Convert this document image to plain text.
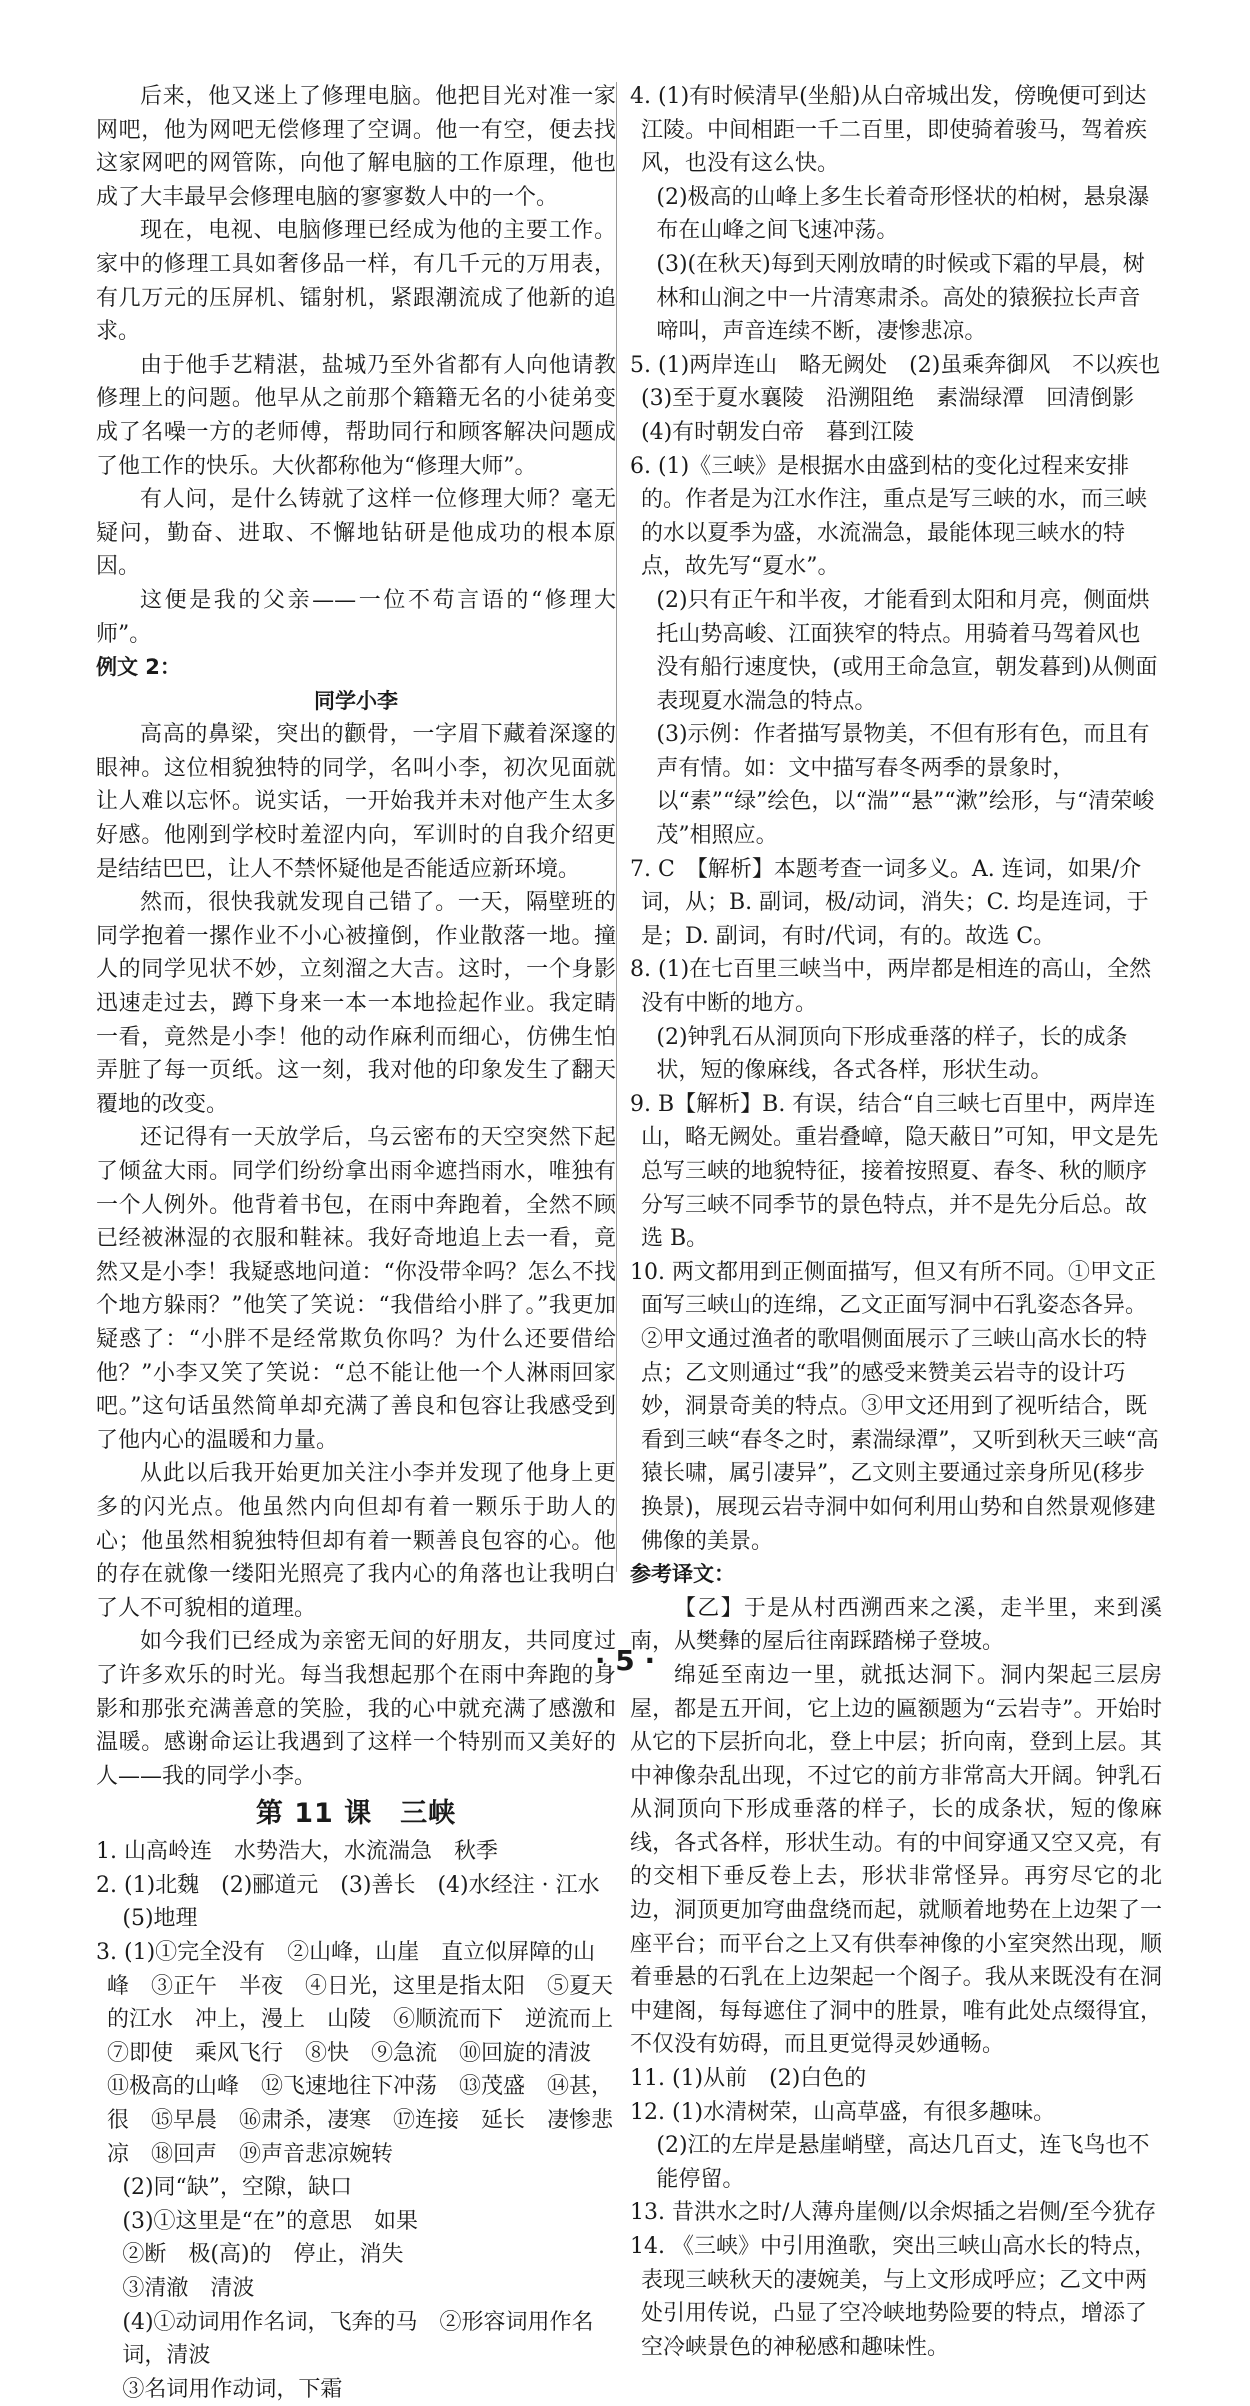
后来，他又迷上了修理电脑。他把目光对准一家网吧，他为网吧无偿修理了空调。他一有空，便去找这家网吧的网管陈，向他了解电脑的工作原理，他也成了大丰最早会修理电脑的寥寥数人中的一个。

现在，电视、电脑修理已经成为他的主要工作。家中的修理工具如奢侈品一样，有几千元的万用表，有几万元的压屏机、镭射机，紧跟潮流成了他新的追求。

由于他手艺精湛，盐城乃至外省都有人向他请教修理上的问题。他早从之前那个籍籍无名的小徒弟变成了名噪一方的老师傅，帮助同行和顾客解决问题成了他工作的快乐。大伙都称他为“修理大师”。

有人问，是什么铸就了这样一位修理大师？毫无疑问，勤奋、进取、不懈地钻研是他成功的根本原因。

这便是我的父亲——一位不苟言语的“修理大师”。

例文 2：

同学小李

高高的鼻梁，突出的颧骨，一字眉下藏着深邃的眼神。这位相貌独特的同学，名叫小李，初次见面就让人难以忘怀。说实话，一开始我并未对他产生太多好感。他刚到学校时羞涩内向，军训时的自我介绍更是结结巴巴，让人不禁怀疑他是否能适应新环境。

然而，很快我就发现自己错了。一天，隔壁班的同学抱着一摞作业不小心被撞倒，作业散落一地。撞人的同学见状不妙，立刻溜之大吉。这时，一个身影迅速走过去，蹲下身来一本一本地捡起作业。我定睛一看，竟然是小李！他的动作麻利而细心，仿佛生怕弄脏了每一页纸。这一刻，我对他的印象发生了翻天覆地的改变。

还记得有一天放学后，乌云密布的天空突然下起了倾盆大雨。同学们纷纷拿出雨伞遮挡雨水，唯独有一个人例外。他背着书包，在雨中奔跑着，全然不顾已经被淋湿的衣服和鞋袜。我好奇地追上去一看，竟然又是小李！我疑惑地问道：“你没带伞吗？怎么不找个地方躲雨？”他笑了笑说：“我借给小胖了。”我更加疑惑了：“小胖不是经常欺负你吗？为什么还要借给他？”小李又笑了笑说：“总不能让他一个人淋雨回家吧。”这句话虽然简单却充满了善良和包容让我感受到了他内心的温暖和力量。

从此以后我开始更加关注小李并发现了他身上更多的闪光点。他虽然内向但却有着一颗乐于助人的心；他虽然相貌独特但却有着一颗善良包容的心。他的存在就像一缕阳光照亮了我内心的角落也让我明白了人不可貌相的道理。

如今我们已经成为亲密无间的好朋友，共同度过了许多欢乐的时光。每当我想起那个在雨中奔跑的身影和那张充满善意的笑脸，我的心中就充满了感激和温暖。感谢命运让我遇到了这样一个特别而又美好的人——我的同学小李。

第 11 课　三峡

1. 山高岭连　水势浩大，水流湍急　秋季

2. (1)北魏　(2)郦道元　(3)善长　(4)水经注 · 江水

(5)地理

3. (1)①完全没有　②山峰，山崖　直立似屏障的山峰　③正午　半夜　④日光，这里是指太阳　⑤夏天的江水　冲上，漫上　山陵　⑥顺流而下　逆流而上　⑦即使　乘风飞行　⑧快　⑨急流　⑩回旋的清波　⑪极高的山峰　⑫飞速地往下冲荡　⑬茂盛　⑭甚，很　⑮早晨　⑯肃杀，凄寒　⑰连接　延长　凄惨悲凉　⑱回声　⑲声音悲凉婉转

(2)同“缺”，空隙，缺口

(3)①这里是“在”的意思　如果

②断　极(高)的　停止，消失

③清澈　清波

(4)①动词用作名词，飞奔的马　②形容词用作名词，清波

③名词用作动词，下霜

4. (1)有时候清早(坐船)从白帝城出发，傍晚便可到达江陵。中间相距一千二百里，即使骑着骏马，驾着疾风，也没有这么快。

(2)极高的山峰上多生长着奇形怪状的柏树，悬泉瀑布在山峰之间飞速冲荡。

(3)(在秋天)每到天刚放晴的时候或下霜的早晨，树林和山涧之中一片清寒肃杀。高处的猿猴拉长声音啼叫，声音连续不断，凄惨悲凉。

5. (1)两岸连山　略无阙处　(2)虽乘奔御风　不以疾也　(3)至于夏水襄陵　沿溯阻绝　素湍绿潭　回清倒影　(4)有时朝发白帝　暮到江陵

6. (1)《三峡》是根据水由盛到枯的变化过程来安排的。作者是为江水作注，重点是写三峡的水，而三峡的水以夏季为盛，水流湍急，最能体现三峡水的特点，故先写“夏水”。

(2)只有正午和半夜，才能看到太阳和月亮，侧面烘托山势高峻、江面狭窄的特点。用骑着马驾着风也没有船行速度快，(或用王命急宣，朝发暮到)从侧面表现夏水湍急的特点。

(3)示例：作者描写景物美，不但有形有色，而且有声有情。如：文中描写春冬两季的景象时，以“素”“绿”绘色，以“湍”“悬”“漱”绘形，与“清荣峻茂”相照应。

7. C　【解析】本题考查一词多义。A. 连词，如果/介词，从；B. 副词，极/动词，消失；C. 均是连词，于是；D. 副词，有时/代词，有的。故选 C。

8. (1)在七百里三峡当中，两岸都是相连的高山，全然没有中断的地方。

(2)钟乳石从洞顶向下形成垂落的样子，长的成条状，短的像麻线，各式各样，形状生动。

9. B【解析】B. 有误，结合“自三峡七百里中，两岸连山，略无阙处。重岩叠嶂，隐天蔽日”可知，甲文是先总写三峡的地貌特征，接着按照夏、春冬、秋的顺序分写三峡不同季节的景色特点，并不是先分后总。故选 B。

10. 两文都用到正侧面描写，但又有所不同。①甲文正面写三峡山的连绵，乙文正面写洞中石乳姿态各异。②甲文通过渔者的歌唱侧面展示了三峡山高水长的特点；乙文则通过“我”的感受来赞美云岩寺的设计巧妙，洞景奇美的特点。③甲文还用到了视听结合，既看到三峡“春冬之时，素湍绿潭”，又听到秋天三峡“高猿长啸，属引凄异”，乙文则主要通过亲身所见(移步换景)，展现云岩寺洞中如何利用山势和自然景观修建佛像的美景。

参考译文：

【乙】于是从村西溯西来之溪，走半里，来到溪南，从樊彝的屋后往南踩踏梯子登坡。

绵延至南边一里，就抵达洞下。洞内架起三层房屋，都是五开间，它上边的匾额题为“云岩寺”。开始时从它的下层折向北，登上中层；折向南，登到上层。其中神像杂乱出现，不过它的前方非常高大开阔。钟乳石从洞顶向下形成垂落的样子，长的成条状，短的像麻线，各式各样，形状生动。有的中间穿通又空又亮，有的交相下垂反卷上去，形状非常怪异。再穷尽它的北边，洞顶更加穹曲盘绕而起，就顺着地势在上边架了一座平台；而平台之上又有供奉神像的小室突然出现，顺着垂悬的石乳在上边架起一个阁子。我从来既没有在洞中建阁，每每遮住了洞中的胜景，唯有此处点缀得宜，不仅没有妨碍，而且更觉得灵妙通畅。

11. (1)从前　(2)白色的

12. (1)水清树荣，山高草盛，有很多趣味。

(2)江的左岸是悬崖峭壁，高达几百丈，连飞鸟也不能停留。

13. 昔洪水之时/人薄舟崖侧/以余烬插之岩侧/至今犹存

14. 《三峡》中引用渔歌，突出三峡山高水长的特点，表现三峡秋天的凄婉美，与上文形成呼应；乙文中两处引用传说，凸显了空冷峡地势险要的特点，增添了空冷峡景色的神秘感和趣味性。

· 5 ·
